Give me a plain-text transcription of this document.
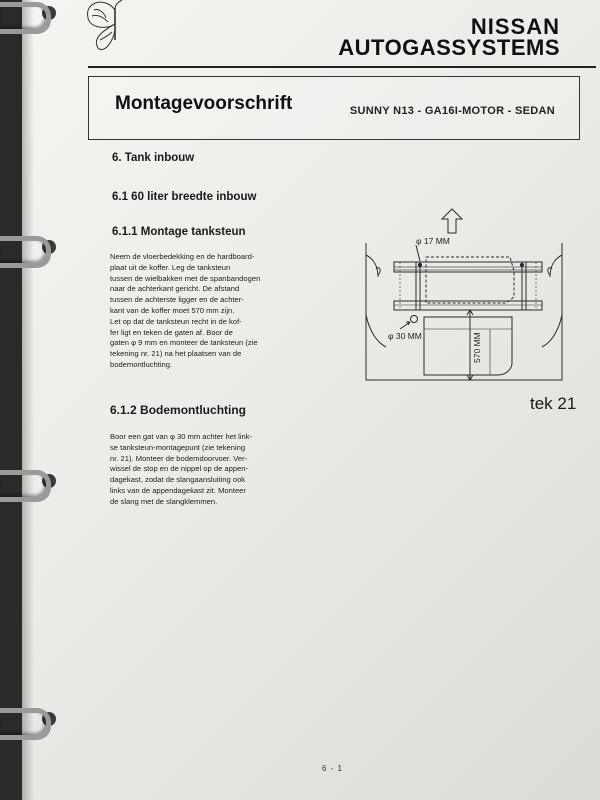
NISSAN
AUTOGASSYSTEMS
Montagevoorschrift	SUNNY N13 - GA16I-MOTOR - SEDAN
6. Tank inbouw
6.1 60 liter breedte inbouw
6.1.1 Montage tanksteun
Neem de vloerbedekking en de hardboard-
plaat uit de koffer. Leg de tanksteun
tussen de wielbakken met de spanbandogen
naar de achterkant gericht. De afstand
tussen de achterste ligger en de achter-
kant van de koffer moet 570 mm zijn.
Let op dat de tanksteun recht in de kof-
fer ligt en teken de gaten af. Boor de
gaten φ 9 mm en monteer de tanksteun (zie
tekening nr. 21) na het plaatsen van de
bodemontluchting.
6.1.2 Bodemontluchting
Boor een gat van φ 30 mm achter het link-
se tanksteun-montagepunt (zie tekening
nr. 21). Monteer de bodemdoorvoer. Ver-
wissel de stop en de nippel op de appen-
dagekast, zodat de slangaansluiting ook
links van de appendagekast zit. Monteer
de slang met de slangklemmen.
φ 17 MM
φ 30 MM	570 MM
tek 21
6 - 1
